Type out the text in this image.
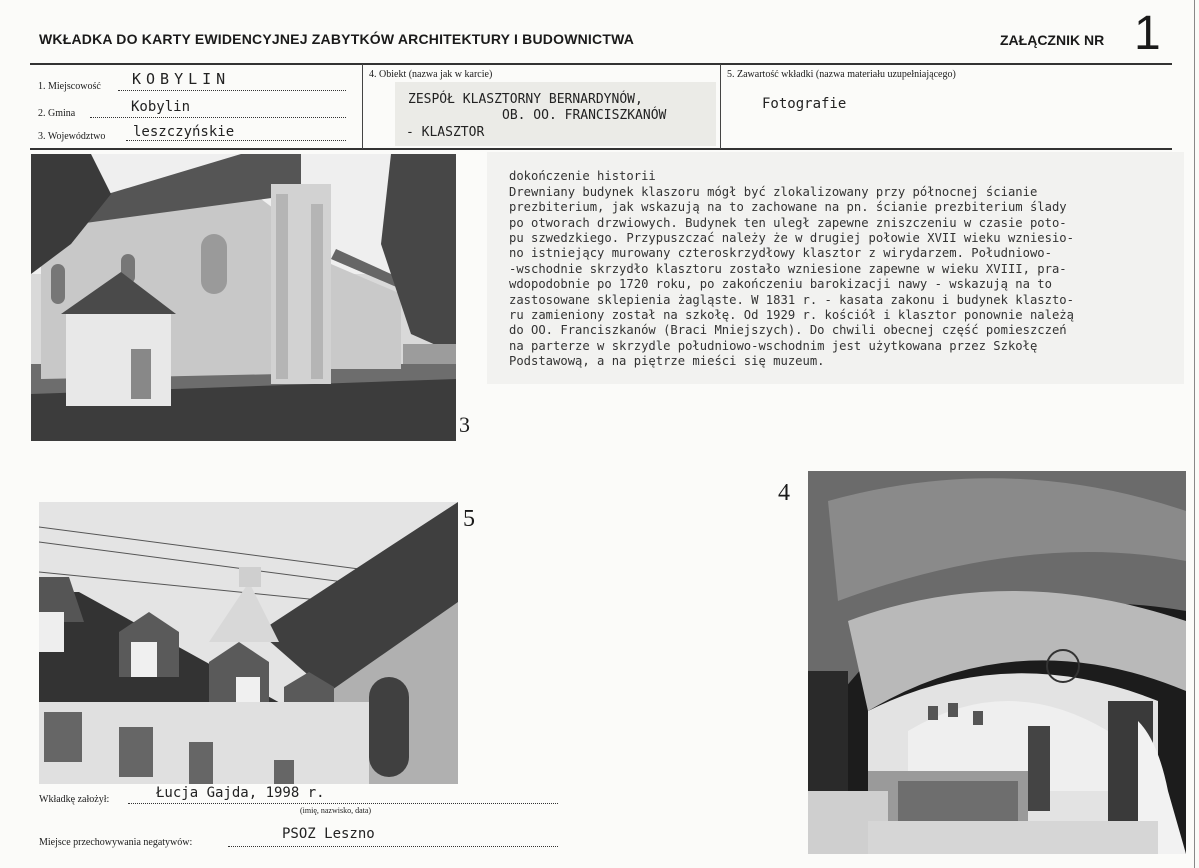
WKŁADKA DO KARTY EWIDENCYJNEJ ZABYTKÓW ARCHITEKTURY I BUDOWNICTWA	ZAŁĄCZNIK NR 1
1. Miejscowość KOBYLIN
2. Gmina	Kobylin
3. Województwo leszczyńskie
4. Obiekt (nazwa jak w karcie)
ZESPÓŁ KLASZTORNY BERNARDYNÓW,
OB. OO. FRANCISZKANÓW
- KLASZTOR
5. Zawartość wkładki (nazwa materiału uzupełniającego)
Fotografie
3

dokończenie historii
Drewniany budynek klaszoru mógł być zlokalizowany przy północnej ścianie
prezbiterium, jak wskazują na to zachowane na pn. ścianie prezbiterium ślady
po otworach drzwiowych. Budynek ten uległ zapewne zniszczeniu w czasie poto-
pu szwedzkiego. Przypuszczać należy że w drugiej połowie XVII wieku wzniesio-
no istniejący murowany czteroskrzydłowy klasztor z wirydarzem. Południowo-
-wschodnie skrzydło klasztoru zostało wzniesione zapewne w wieku XVIII, pra-
wdopodobnie po 1720 roku, po zakończeniu barokizacji nawy - wskazują na to
zastosowane sklepienia żagląste. W 1831 r. - kasata zakonu i budynek klaszto-
ru zamieniony został na szkołę. Od 1929 r. kościół i klasztor ponownie należą
do OO. Franciszkanów (Braci Mniejszych). Do chwili obecnej część pomieszczeń
na parterze w skrzydle południowo-wschodnim jest użytkowana przez Szkołę
Podstawową, a na piętrze mieści się muzeum.

5
4
Wkładkę założył:	Łucja Gajda, 1998 r.
(imię, nazwisko, data)
Miejsce przechowywania negatywów:
PSOZ Leszno
